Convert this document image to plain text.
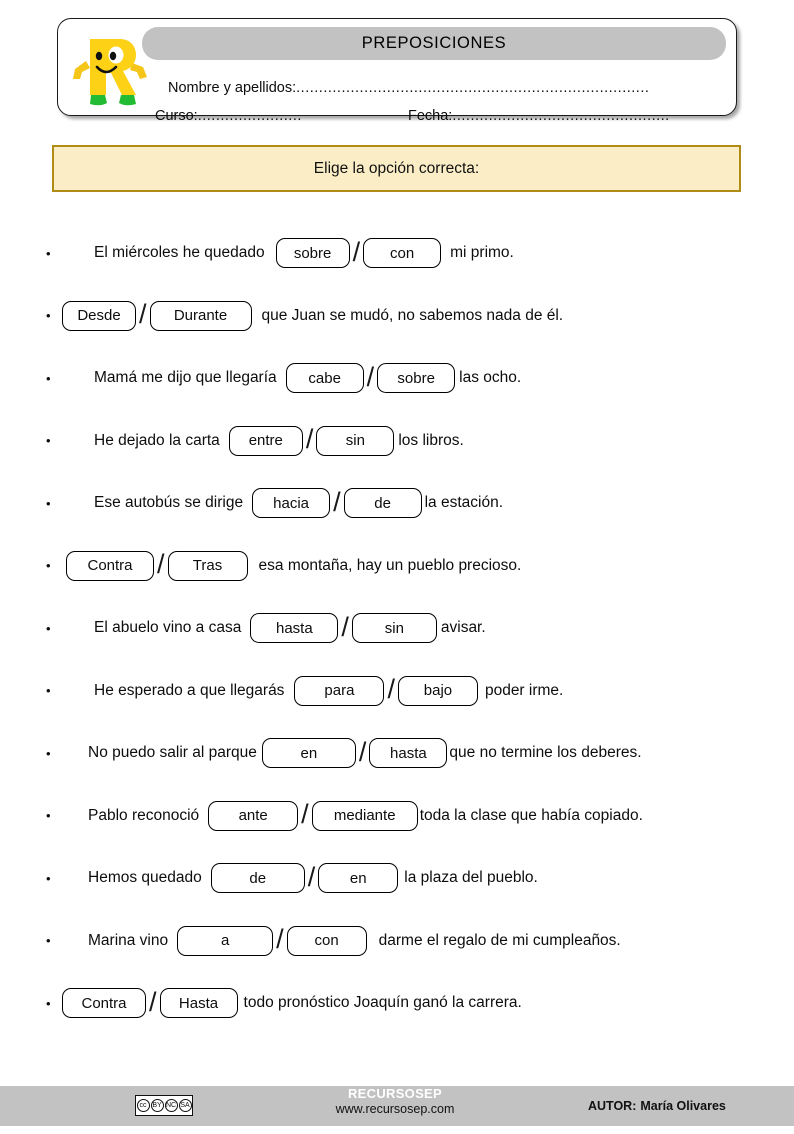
PREPOSICIONES
Nombre y apellidos:..............................................................................
Curso:.......................	Fecha:................................................
Elige la opción correcta:
•	El miércoles he quedado	sobre /	con	mi primo.
•	Desde /	Durante	que Juan se mudó, no sabemos nada de él.
•	Mamá me dijo que llegaría	cabe /	sobre	las ocho.
•	He dejado la carta	entre /	sin	los libros.
•	Ese autobús se dirige	hacia /	de	la estación.
•	Contra /	Tras	esa montaña, hay un pueblo precioso.
•	El abuelo vino a casa	hasta	/	sin	avisar.
•	He esperado a que llegarás	para	/	bajo	poder irme.
•	No puedo salir al parque	en	/	hasta	que no termine los deberes.
•	Pablo reconoció	ante	/	mediante	toda la clase que había copiado.
•	Hemos quedado	de	/	en	la plaza del pueblo.
•	Marina vino	a	/	con	darme el regalo de mi cumpleaños.
•	Contra /	Hasta	todo pronóstico Joaquín ganó la carrera.
cc BY NC SA
RECURSOSEP
www.recursosep.com	AUTOR: María Olivares
